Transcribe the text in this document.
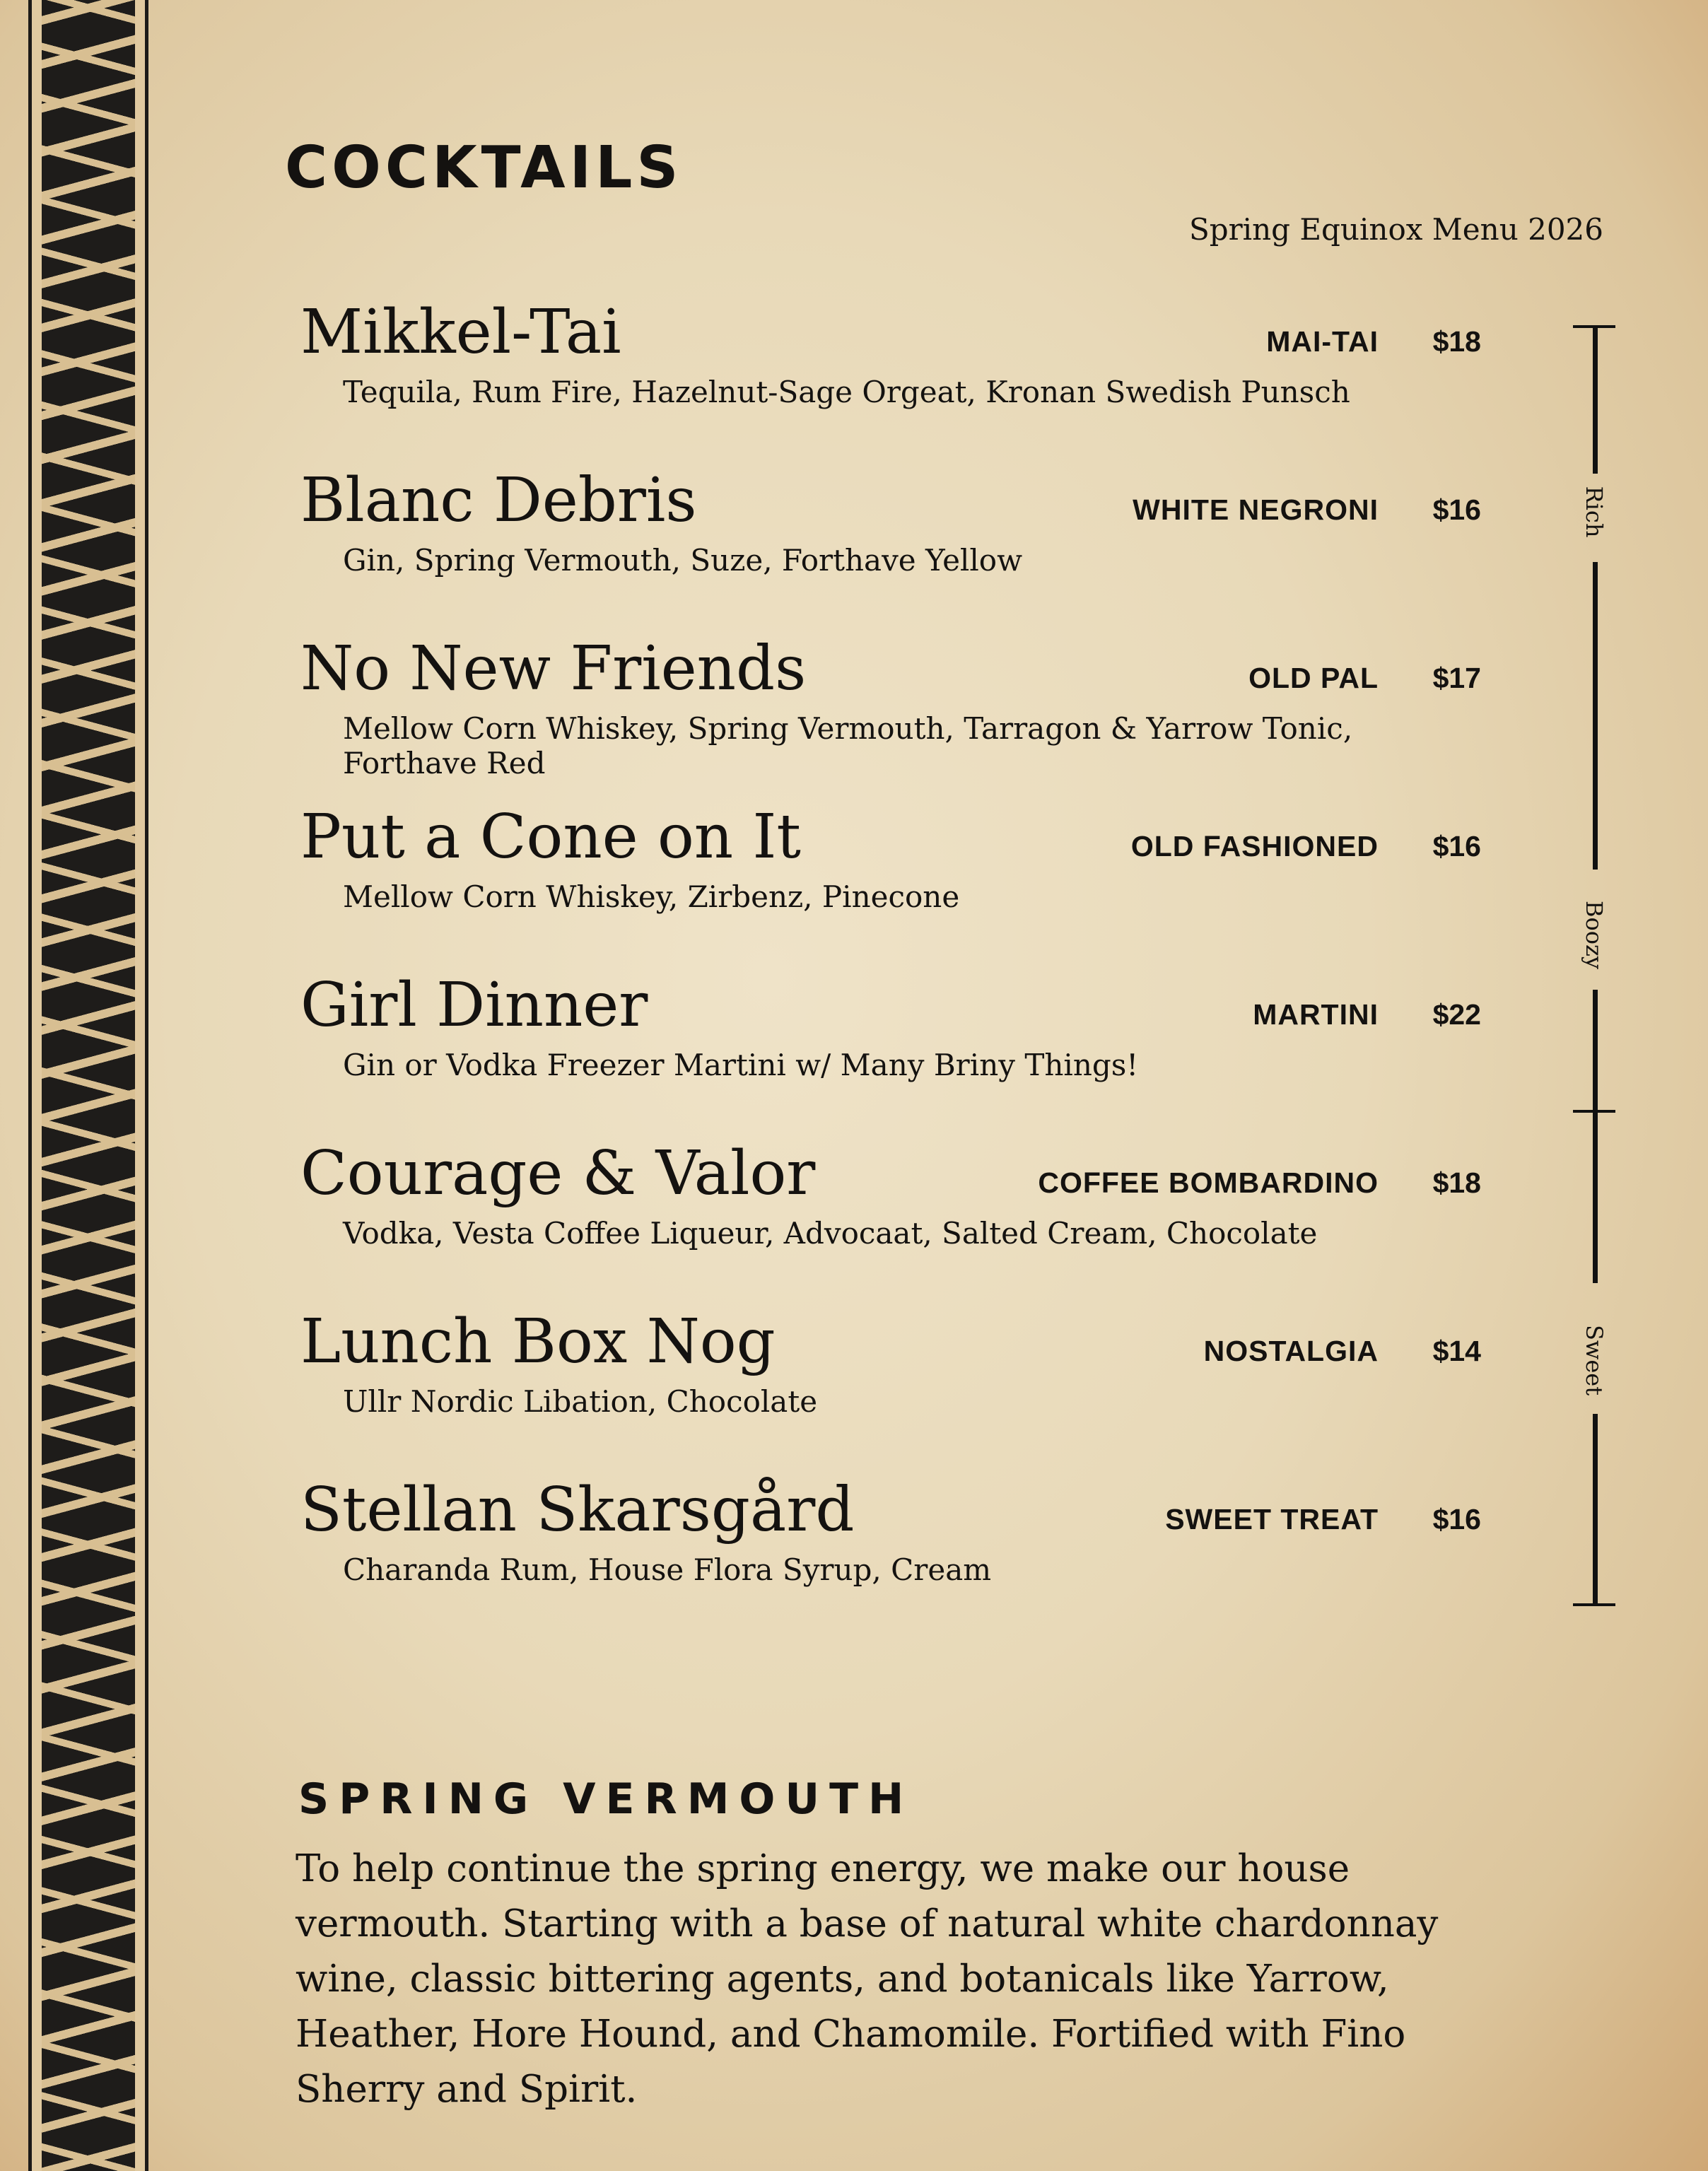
COCKTAILS
Spring Equinox Menu 2026
Mikkel-Tai	MAI-TAI $18
Tequila, Rum Fire, Hazelnut-Sage Orgeat, Kronan Swedish Punsch
Blanc Debris	WHITE NEGRONI $16
Gin, Spring Vermouth, Suze, Forthave Yellow
No New Friends	OLD PAL $17
Mellow Corn Whiskey, Spring Vermouth, Tarragon & Yarrow Tonic, Forthave Red
Put a Cone on It	OLD FASHIONED $16
Mellow Corn Whiskey, Zirbenz, Pinecone
Girl Dinner	MARTINI $22
Gin or Vodka Freezer Martini w/ Many Briny Things!
Courage & Valor	COFFEE BOMBARDINO $18
Vodka, Vesta Coffee Liqueur, Advocaat, Salted Cream, Chocolate
Lunch Box Nog	NOSTALGIA $14
Ullr Nordic Libation, Chocolate
Stellan Skarsgård	SWEET TREAT $16
Charanda Rum, House Flora Syrup, Cream
Rich
Boozy
Sweet
SPRING VERMOUTH
To help continue the spring energy, we make our house vermouth. Starting with a base of natural white chardonnay wine, classic bittering agents, and botanicals like Yarrow, Heather, Hore Hound, and Chamomile. Fortified with Fino Sherry and Spirit.
